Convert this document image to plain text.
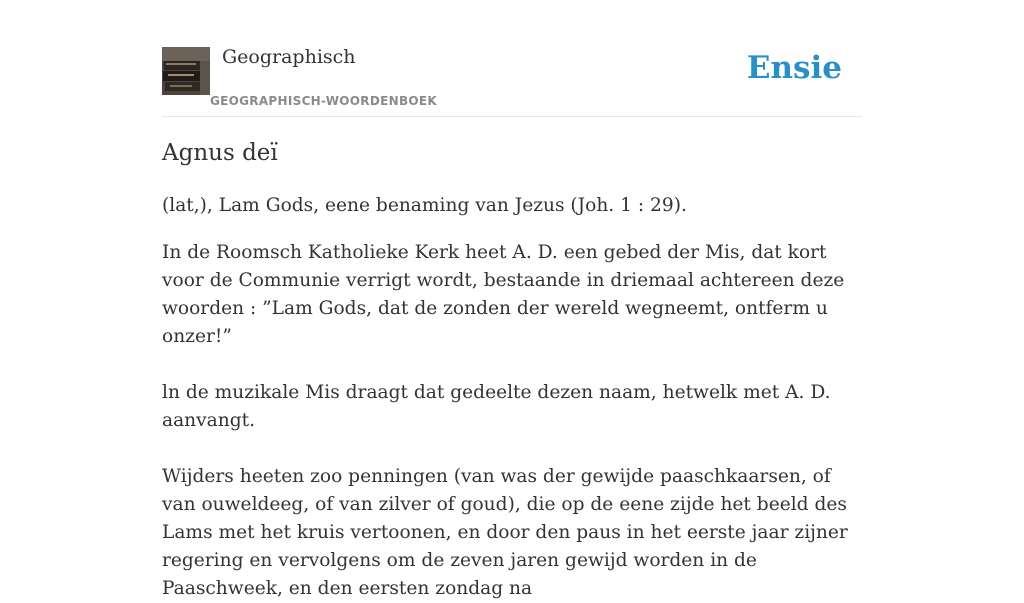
Geographisch
GEOGRAPHISCH-WOORDENBOEK
Ensie
Agnus deï

(lat,), Lam Gods, eene benaming van Jezus (Joh. 1 : 29).

In de Roomsch Katholieke Kerk heet A. D. een gebed der Mis, dat kort voor de Communie verrigt wordt, bestaande in driemaal achtereen deze woorden : ”Lam Gods, dat de zonden der wereld wegneemt, ontferm u onzer!”

ln de muzikale Mis draagt dat gedeelte dezen naam, hetwelk met A. D. aanvangt.

Wijders heeten zoo penningen (van was der gewijde paaschkaarsen, of van ouweldeeg, of van zilver of goud), die op de eene zijde het beeld des Lams met het kruis vertoonen, en door den paus in het eerste jaar zijner regering en vervolgens om de zeven jaren gewijd worden in de Paaschweek, en den eersten zondag na
